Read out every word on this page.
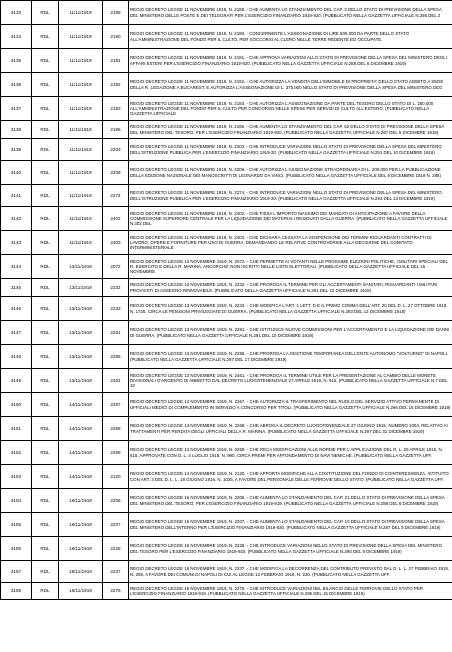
3133	RDL	11/11/1919	2189	REGIO DECRETO LEGGE 11 NOVEMBRE 1919, N. 2188. - CHE AUMENTA LO STANZIAMENTO DEL CAP. 3 DELLO STATO DI PREVISIONE DELLA SPESA DEL MINISTERO DELLE POSTE E DEI TELEGRAFI PER L'ESERCIZIO FINANZIARIO 1919-920. (PUBBLICATO NELLA GAZZETTA UFFICIALE N.286 DEL 2
3134	RDL	11/11/1919	2190	REGIO DECRETO LEGGE 11 NOVEMBRE 1919, N. 2190. - CONCERNENTE L'ASSEGNAZIONE DI LIRE 500.000 DA PARTE DELLO STATO ALL'AMMINISTRAZIONE DEL FONDO PER IL CULTO, PER SOCCORSI AL CLERO NELLE TERRE REDENTE ED OCCUPATE.
3135	RDL	11/11/1919	2191	REGIO DECRETO LEGGE 11 NOVEMBRE 1919, N. 2191. - CHE APPROVA VARIAZIONI ALLO STATO DI PREVISIONE DELLA SPESA DEL MINISTERO DEGLI AFFARI ESTERI PER L'ESERCIZIO FINANZIARIO 1919-920. (PUBBLICATO NELLA GAZZETTA UFFICIALE N.288 DEL 6 DICEMBRE 1919)
3136	RDL	11/11/1919	2192	REGIO DECRETO LEGGE 11 NOVEMBRE 1919, N. 2192. - CHE AUTORIZZA LA VENDITA DELL'IMMOBILE DI PROPRIETA' DELLO STATO ADIBITO A SEDE DELLA R. LEGAZIONE A BUCAREST, E AUTORIZZA L'ASSEGNAZIONE DI L. 375.000 NELLO STATO DI PREVISIONE DELLA SPESA DEL MINISTERO DEG
3137	RDL	11/11/1919	2193	REGIO DECRETO LEGGE 11 NOVEMBRE 1919, N. 2193. - CHE AUTORIZZA L'ASSEGNAZIONE DA PARTE DEL TESORO DELLO STATO DI L. 250.000 ALL'AMMINISTRAZIONE DEL FONDO PER IL CULTO PER CONCORSO NELLE SPESE PER SERVIZI DI CULTO ALL'ESTERO. (PUBBLICATO NELLA GAZZETTA UFFICIALE
3138	RDL	11/11/1919	2196	REGIO DECRETO LEGGE 11 NOVEMBRE 1919, N. 2196. - CHE AUMENTA LO STANZIAMENTO DEL CAP. 62 DELLO STATO DI PREVISIONE DELLA SPESA DEL MINISTERO DEL TESORO, PER L'ESERCIZIO FINANZIARIO 1919-920. (PUBBLICATO NELLA GAZZETTA UFFICIALE N.287 DEL 5 DICEMBRE 1919)
3139	RDL	11/11/1919	2203	REGIO DECRETO LEGGE 11 NOVEMBRE 1919, N. 2203. - CHE INTRODUCE VARIAZIONI NELLO STATO DI PREVISIONE DELLA SPESA DEL MINISTERO DELL'ISTRUZIONE PUBBLICA PER L'ESERCIZIO FINANZIARIO 1919-20. (PUBBLICATO NELLA GAZZETTA UFFICIALE N.291 DEL 10 DICEMBRE 1919)
3140	RDL	11/11/1919	2209	REGIO DECRETO LEGGE 11 NOVEMBRE 1919, N. 2209. - CHE AUTORIZZA L'ASSEGNAZIONE STRAORDINARIA DI L. 200.000 PER LA PUBBLICAZIONE DELLA EDIZIONE NAZIONALE DEI MANOSCRITTI DI LEONARDO DA VINCI. (PUBBLICATO NELLA GAZZETTA UFFICIALE DEL 6 DICEMBRE 1919 N. 288)
3141	RDL	11/11/1919	2274	REGIO DECRETO LEGGE 11 NOVEMBRE 1919, N. 2274. - CHE INTRODUCE VARIAZIONI NELLO STATO DI PREVISIONE DELLA SPESA DEL MINISTERO DELL'ISTRUZIONE PUBBLICA PER L'ESERCIZIO FINANZIARIO 1919-20. (PUBBLICATO NELLA GAZZETTA UFFICIALE N.293 DEL 13 DICEMBRE 1919)
3142	RDL	11/11/1919	2402	REGIO DECRETO LEGGE 11 NOVEMBRE 1919, N. 2402. - CHE FISSA L'IMPORTO MASSIMO DEI MANDATI DI ANTICIPAZIONE A FAVORE DELLA COMMISSIONE SUPERIORE CENTRALE PER LA LIQUIDAZIONE DEI MATERIALI RESIDUATI DALLA GUERRA. (PUBBLICATO NELLA GAZZETTA UFFICIALE N.302 DEL
3143	RDL	11/11/1919	2403	REGIO DECRETO LEGGE 11 NOVEMBRE 1919, N. 2403. - CHE DICHIARA CESSATA LA SOSPENSIONE DEI TERMINI RIGUARDANTI CONTRATTI DI LAVORO, OPERE E FORNITURE PER USO DI GUERRA, DEMANDANDO LE RELATIVE CONTROVERSIE ALLA DECISIONE DEL COMITATO INTERMINISTERIALE
3144	RDL	13/11/1919	2072	REGIO DECRETO LEGGE 13 NOVEMBRE 1919, N. 2072. - CHE PERMETTE AI VOTANTI NELLE PROSSIME ELEZIONI POLITICHE, I MILITARI SPECIALI DEL R. ESERCITO E DELLA R. MARINA, ANCORCHE' NON ISCRITTI NELLE LISTE ELETTORALI. (PUBBLICATO NELLA GAZZETTA UFFICIALE DEL 15 NOVEMBRE
3145	RDL	13/11/1919	2232	REGIO DECRETO LEGGE 13 NOVEMBRE 1919, N. 2232. - CHE PROROGA IL TERMINE PER GLI ACCERTAMENTI SANITARI, RIGUARDANTI I MILITARI PROVVISTI DI ASSEGNO RINNOVABILE. (PUBBLICATO NELLA GAZZETTA UFFICIALE N.291 DEL 10 DICEMBRE 1919)
3146	RDL	13/11/1919	2233	REGIO DECRETO LEGGE 13 NOVEMBRE 1919, N. 2233. - CHE MODIFICA L'ART. 1 LETT. D E IL PRIMO COMMA DELL'ART. 20 DEL D. L. 27 OTTOBRE 1918, N. 1726, CIRCA LE PENSIONI PRIVILEGIATE DI GUERRA. (PUBBLICATO NELLA GAZZETTA UFFICIALE N.293 DEL 12 DICEMBRE 1919)
3147	RDL	13/11/1919	2281	REGIO DECRETO LEGGE 13 NOVEMBRE 1919, N. 2281. - CHE ISTITUISCE NUOVE COMMISSIONI PER L'ACCERTAMENTO E LA LIQUIDAZIONE DEI DANNI DI GUERRA. (PUBBLICATO NELLA GAZZETTA UFFICIALE N.291 DEL 10 DICEMBRE 1919)
3148	RDL	13/11/1919	2295	REGIO DECRETO LEGGE 13 NOVEMBRE 1919, N. 2295. - CHE PROROGA LA GESTIONE TEMPORANEA DELL'ENTE AUTONOMO "VOLTURNO" DI NAPOLI. (PUBBLICATO NELLA GAZZETTA UFFICIALE N.297 DEL 17 DICEMBRE 1919)
3149	RDL	13/11/1919	2461	REGIO DECRETO LEGGE 13 NOVEMBRE 1919, N. 2461. - CHE PROROGA IL TERMINE UTILE PER LA PRESENTAZIONE AL CAMBIO DELLE MONETE DIVISIONALI D'ARGENTO DI ABBIETTO DAL DECRETO LUOGOTENENZIALE 27 APRILE 1919, N. 616. (PUBBLICATO NELLA GAZZETTA UFFICIALE N.7 DEL 10
3150	RDL	14/11/1919	2267	REGIO DECRETO LEGGE 14 NOVEMBRE 1919, N. 2267. - CHE AUTORIZZA IL TRASFERIMENTO NEL RUOLO DEL SERVIZIO ATTIVO PERMANENTE DI UFFICIALI MEDICI DI COMPLEMENTO IN SERVIZIO A CONCORSO PER TITOLI. (PUBBLICATO NELLA GAZZETTA UFFICIALE N.296 DEL 16 DICEMBRE 1919)
3151	RDL	14/11/1919	2268	REGIO DECRETO LEGGE 14 NOVEMBRE 1919, N. 2268. - CHE ABROGA IL DECRETO LUOGOTENENZIALE 27 GIUGNO 1915, NUMERO 1004, RELATIVO AI TRATTAMENTI PER PERDITA DEGLI UFFICIALI DELLA R. MARINA. (PUBBLICATO NELLA GAZZETTA UFFICIALE N.297 DEL 31 DICEMBRE 1919)
3152	RDL	14/11/1919	2269	REGIO DECRETO LEGGE 14 NOVEMBRE 1919, N. 2269. - CHE RECA MODIFICAZIONI ALLE NORME PER L'APPLICAZIONE DEL R. L. 29 APRILE 1915, N. 615, APPROVATE CON D. L. 4 LUGLIO 1918, N. 990, CIRCA PREMI PER AFFONDAMENTO DI NAVI NEMICHE. (PUBBLICATO NELLA GAZZETTA UFF.
3153	RDL	14/11/1919	2120	REGIO DECRETO LEGGE 14 NOVEMBRE 1919, N. 2120. - CHE APPORTA MODIFICHE ALLA COSTITUZIONE DEL FONDO DI COINTERESSENZA, ISTITUITO CON ART. 3 DEL D. L. L. 18 GIUGNO 1916, N. 1025, A FAVORE DEL PERSONALE DELLE FERROVIE DELLO STATO. (PUBBLICATO NELLA GAZZETTA UFF.
3154	RDL	16/11/1919	2206	REGIO DECRETO LEGGE 16 NOVEMBRE 1919, N. 2206. - CHE AUMENTA LO STANZIAMENTO DEL CAP. 21 DELLO STATO DI PREVISIONE DELLA SPESA DEL MINISTERO DEL TESORO, PER L'ESERCIZIO FINANZIARIO 1919-919. (PUBBLICATO NELLA GAZZETTA UFFICIALE N.288 DEL 6 DICEMBRE 1919)
3155	RDL	16/11/1919	2207	REGIO DECRETO LEGGE 16 NOVEMBRE 1919, N. 2207. - CHE AUMENTA LO STANZIAMENTO DEL CAP. 10 DELLO STATO DI PREVISIONE DELLA SPESA DEL MINISTERO DELL'INTERNO PER L'ESERCIZIO FINANZIARIO 1919-920. (PUBBLICATO NELLA GAZZETTA UFFICIALE N.287 DEL 5 DICEMBRE 1919)
3156	RDL	16/11/1919	2228	REGIO DECRETO LEGGE 16 NOVEMBRE 1919, N. 2228. - CHE INTRODUCE VARIAZIONI NELLO STATO DI PREVISIONE DELLA SPESA DEL MINISTERO DEL TESORO PER L'ESERCIZIO FINANZIARIO 1919-920. (PUBBLICATO NELLA GAZZETTA UFFICIALE N.290 DEL 9 DICEMBRE 1919)
3157	RDL	16/11/1919	2237	REGIO DECRETO LEGGE 16 NOVEMBRE 1919, N. 2237. - CHE MODIFICA LA DECORRENZA DEL CONTRIBUTO PREVISTO DAL D. L. L. 27 FEBBRAIO 1919, N. 296, A FAVORE DEI COMUNI DI NAPOLI DI CUI AL LEGGE 12 FEBBRAIO 1919, N. 220. (PUBBLICATO NELLA GAZZETTA UFF.
3158	RDL	16/11/1919	2275	REGIO DECRETO LEGGE 16 NOVEMBRE 1919, N. 2275. - CHE INTRODUCE VARIAZIONI NEL BILANCIO DELLE FERROVIE DELLO STATO PER L'ESERCIZIO FINANZIARIO 1919-919. (PUBBLICATO NELLA GAZZETTA UFFICIALE N.295 DEL 15 DICEMBRE 1919)
